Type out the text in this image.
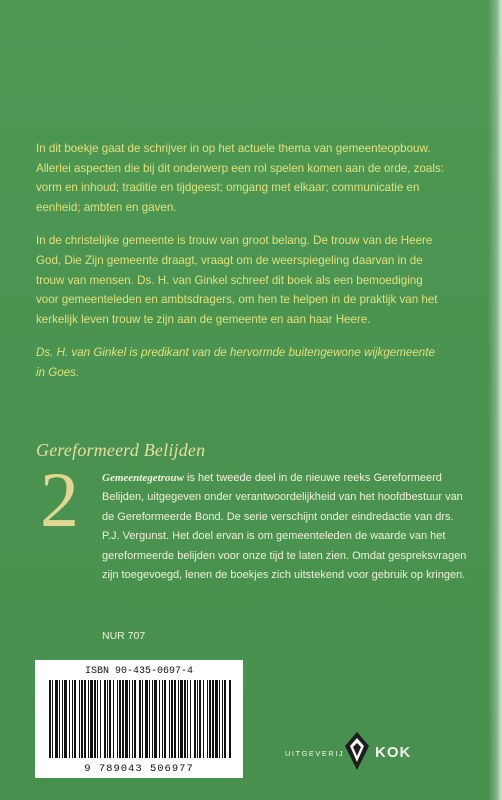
In dit boekje gaat de schrijver in op het actuele thema van gemeenteopbouw. Allerlei aspecten die bij dit onderwerp een rol spelen komen aan de orde, zoals: vorm en inhoud; traditie en tijdgeest; omgang met elkaar; communicatie en eenheid; ambten en gaven.

In de christelijke gemeente is trouw van groot belang. De trouw van de Heere God, Die Zijn gemeente draagt, vraagt om de weerspiegeling daarvan in de trouw van mensen. Ds. H. van Ginkel schreef dit boek als een bemoediging voor gemeenteleden en ambtsdragers, om hen te helpen in de praktijk van het kerkelijk leven trouw te zijn aan de gemeente en aan haar Heere.

Ds. H. van Ginkel is predikant van de hervormde buitengewone wijkgemeente in Goes.

Gereformeerd Belijden
2 Gemeentegetrouw is het tweede deel in de nieuwe reeks Gereformeerd Belijden, uitgegeven onder verantwoordelijkheid van het hoofdbestuur van de Gereformeerde Bond. De serie verschijnt onder eindredactie van drs. P.J. Vergunst. Het doel ervan is om gemeenteleden de waarde van het gereformeerde belijden voor onze tijd te laten zien. Omdat gespreksvragen zijn toegevoegd, lenen de boekjes zich uitstekend voor gebruik op kringen.
NUR 707
ISBN 90-435-0697-4
9 789043 506977
UITGEVERIJ KOK
